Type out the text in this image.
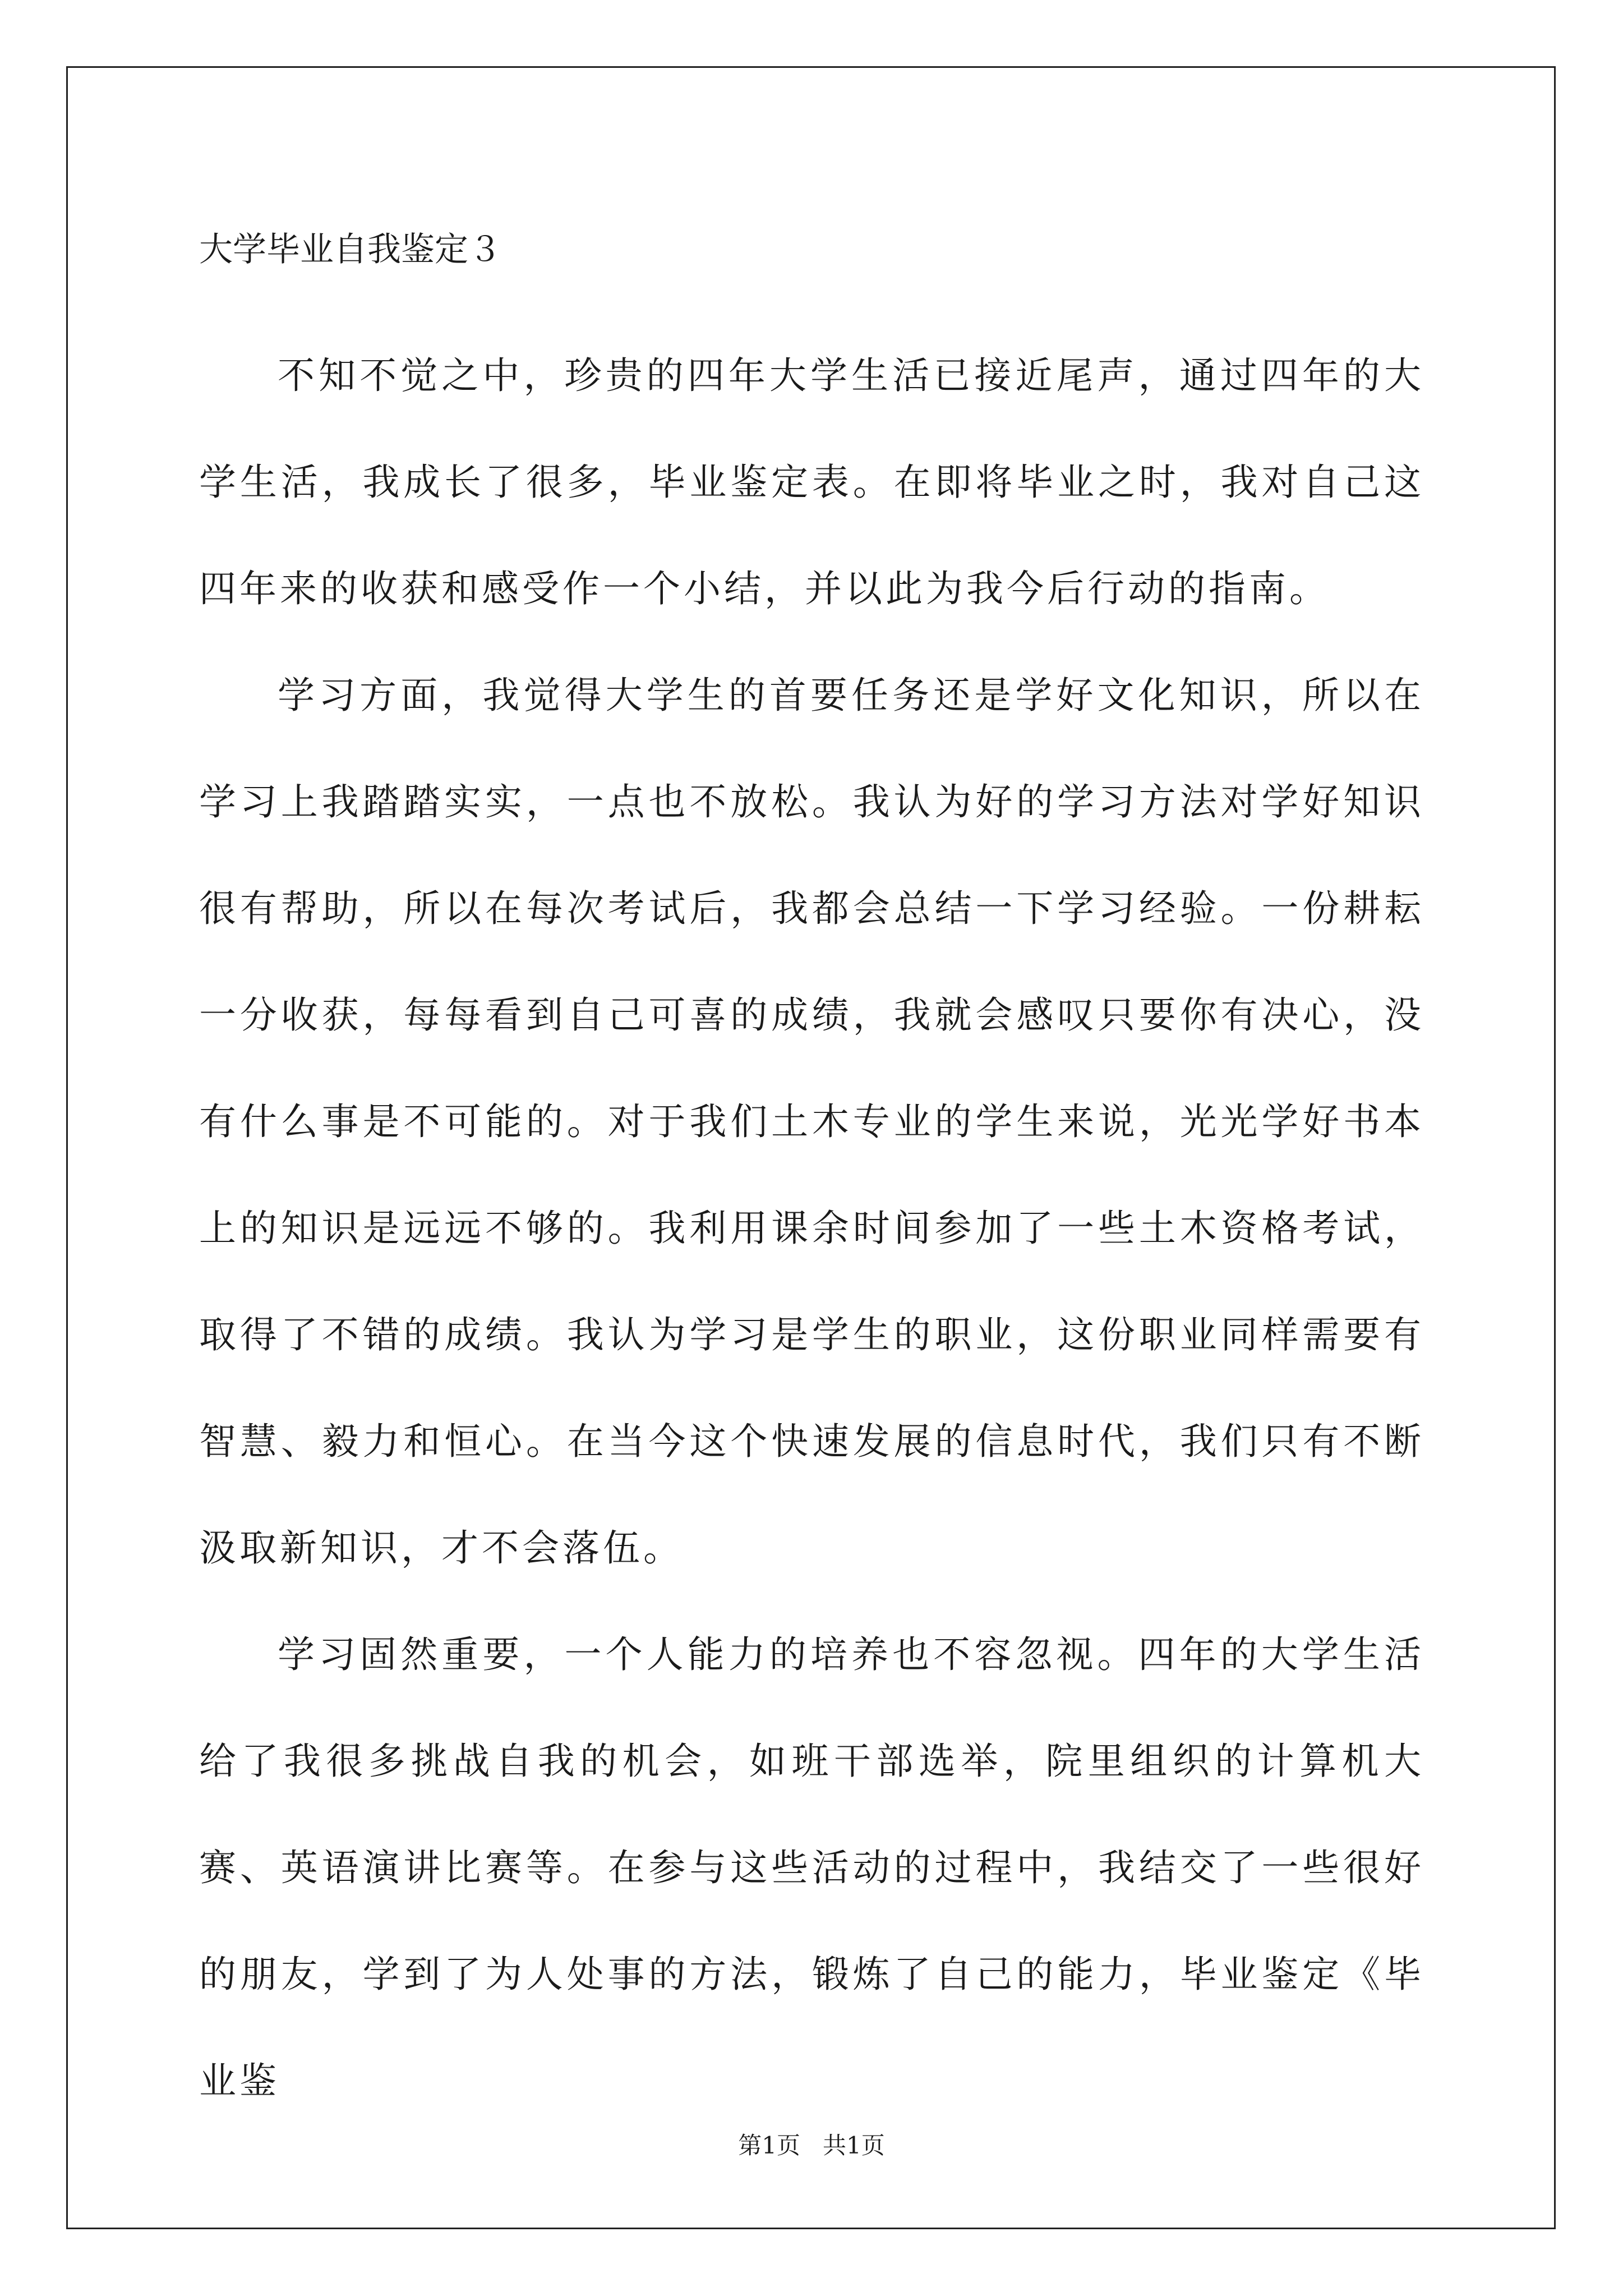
大学毕业自我鉴定３

不知不觉之中，珍贵的四年大学生活已接近尾声，通过四年的大学生活，我成长了很多，毕业鉴定表。在即将毕业之时，我对自己这四年来的收获和感受作一个小结，并以此为我今后行动的指南。

学习方面，我觉得大学生的首要任务还是学好文化知识，所以在学习上我踏踏实实，一点也不放松。我认为好的学习方法对学好知识很有帮助，所以在每次考试后，我都会总结一下学习经验。一份耕耘一分收获，每每看到自己可喜的成绩，我就会感叹只要你有决心，没有什么事是不可能的。对于我们土木专业的学生来说，光光学好书本上的知识是远远不够的。我利用课余时间参加了一些土木资格考试，取得了不错的成绩。我认为学习是学生的职业，这份职业同样需要有智慧、毅力和恒心。在当今这个快速发展的信息时代，我们只有不断汲取新知识，才不会落伍。

学习固然重要，一个人能力的培养也不容忽视。四年的大学生活给了我很多挑战自我的机会，如班干部选举，院里组织的计算机大赛、英语演讲比赛等。在参与这些活动的过程中，我结交了一些很好的朋友，学到了为人处事的方法，锻炼了自己的能力，毕业鉴定《毕业鉴

第1页   共1页
